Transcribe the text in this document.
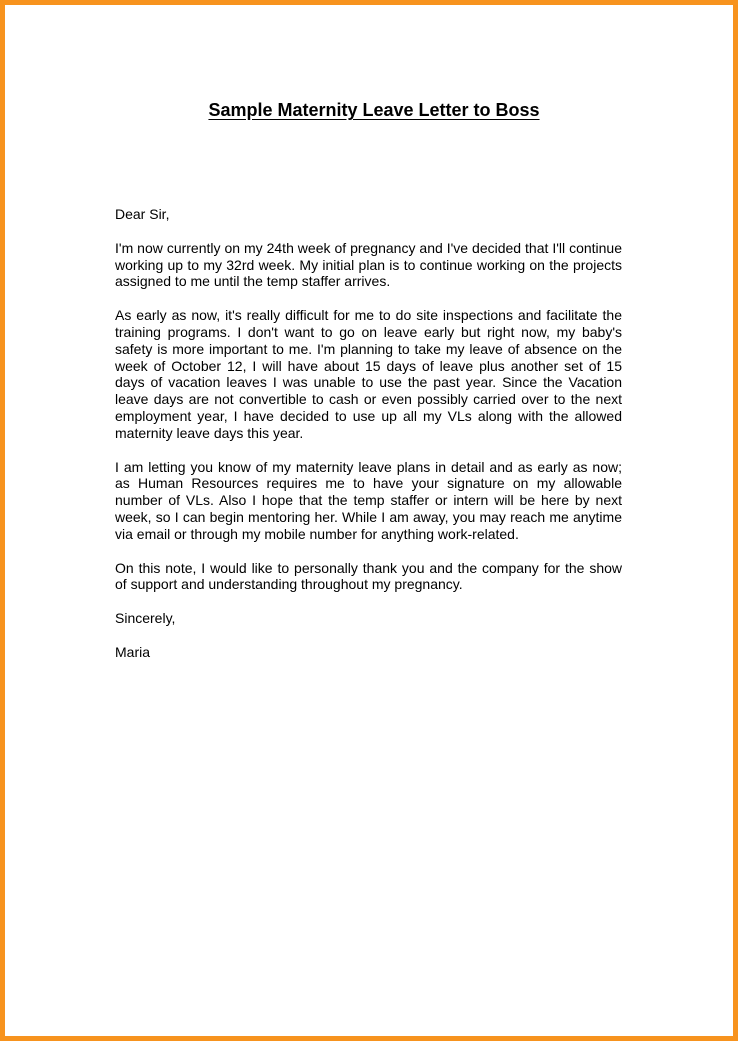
Sample Maternity Leave Letter to Boss

Dear Sir,

I'm now currently on my 24th week of pregnancy and I've decided that I'll continue working up to my 32rd week. My initial plan is to continue working on the projects assigned to me until the temp staffer arrives.

As early as now, it's really difficult for me to do site inspections and facilitate the training programs. I don't want to go on leave early but right now, my baby's safety is more important to me. I'm planning to take my leave of absence on the week of October 12, I will have about 15 days of leave plus another set of 15 days of vacation leaves I was unable to use the past year. Since the Vacation leave days are not convertible to cash or even possibly carried over to the next employment year, I have decided to use up all my VLs along with the allowed maternity leave days this year.

I am letting you know of my maternity leave plans in detail and as early as now; as Human Resources requires me to have your signature on my allowable number of VLs. Also I hope that the temp staffer or intern will be here by next week, so I can begin mentoring her. While I am away, you may reach me anytime via email or through my mobile number for anything work-related.

On this note, I would like to personally thank you and the company for the show of support and understanding throughout my pregnancy.

Sincerely,

Maria
